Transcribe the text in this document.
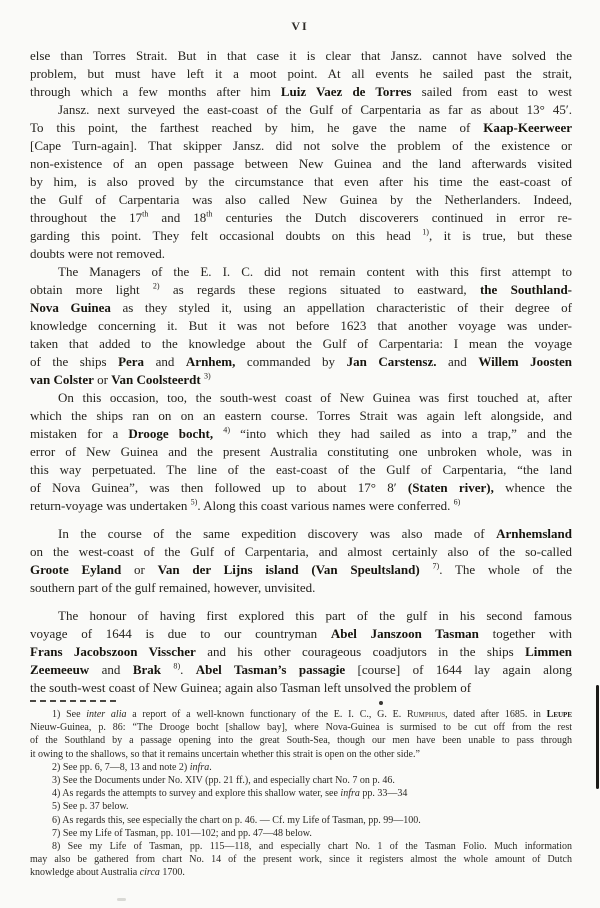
VI
else than Torres Strait. But in that case it is clear that Jansz. cannot have solved the
problem, but must have left it a moot point. At all events he sailed past the strait,
through which a few months after him Luiz Vaez de Torres sailed from east to west
Jansz. next surveyed the east-coast of the Gulf of Carpentaria as far as about 13° 45′.
To this point, the farthest reached by him, he gave the name of Kaap-Keerweer
[Cape Turn-again]. That skipper Jansz. did not solve the problem of the existence or
non-existence of an open passage between New Guinea and the land afterwards visited
by him, is also proved by the circumstance that even after his time the east-coast of
the Gulf of Carpentaria was also called New Guinea by the Netherlanders. Indeed,
throughout the 17th and 18th centuries the Dutch discoverers continued in error re-
garding this point. They felt occasional doubts on this head $^{1)}$, it is true, but these
doubts were not removed.
The Managers of the E. I. C. did not remain content with this first attempt to
obtain more light $^{2)}$ as regards these regions situated to eastward, the Southland-
Nova Guinea as they styled it, using an appellation characteristic of their degree of
knowledge concerning it. But it was not before 1623 that another voyage was under-
taken that added to the knowledge about the Gulf of Carpentaria: I mean the voyage
of the ships Pera and Arnhem, commanded by Jan Carstensz. and Willem Joosten
van Colster or Van Coolsteerdt $^{3)}$
On this occasion, too, the south-west coast of New Guinea was first touched at, after
which the ships ran on on an eastern course. Torres Strait was again left alongside, and
mistaken for a Drooge bocht, $^{4)}$ “into which they had sailed as into a trap,” and the
error of New Guinea and the present Australia constituting one unbroken whole, was in
this way perpetuated. The line of the east-coast of the Gulf of Carpentaria, “the land
of Nova Guinea”, was then followed up to about 17° 8′ (Staten river), whence the
return-voyage was undertaken $^{5)}$. Along this coast various names were conferred. $^{6)}$
In the course of the same expedition discovery was also made of Arnhemsland
on the west-coast of the Gulf of Carpentaria, and almost certainly also of the so-called
Groote Eyland or Van der Lijns island (Van Speultsland) $^{7)}$. The whole of the
southern part of the gulf remained, however, unvisited.
The honour of having first explored this part of the gulf in his second famous
voyage of 1644 is due to our countryman Abel Janszoon Tasman together with
Frans Jacobszoon Visscher and his other courageous coadjutors in the ships Limmen
Zeemeeuw and Brak $^{8)}$. Abel Tasman’s passagie [course] of 1644 lay again along
the south-west coast of New Guinea; again also Tasman left unsolved the problem of
1) See inter alia a report of a well-known functionary of the E. I. C., G. E. Rumphius, dated after 1685. in Leupe
Nieuw-Guinea, p. 86: “The Drooge bocht [shallow bay], where Nova-Guinea is surmised to be cut off from the rest
of the Southland by a passage opening into the great South-Sea, though our men have been unable to pass through
it owing to the shallows, so that it remains uncertain whether this strait is open on the other side.”
2) See pp. 6, 7—8, 13 and note 2) infra.
3) See the Documents under No. XIV (pp. 21 ff.), and especially chart No. 7 on p. 46.
4) As regards the attempts to survey and explore this shallow water, see infra pp. 33—34
5) See p. 37 below.
6) As regards this, see especially the chart on p. 46. — Cf. my Life of Tasman, pp. 99—100.
7) See my Life of Tasman, pp. 101—102; and pp. 47—48 below.
8) See my Life of Tasman, pp. 115—118, and especially chart No. 1 of the Tasman Folio. Much information
may also be gathered from chart No. 14 of the present work, since it registers almost the whole amount of Dutch
knowledge about Australia circa 1700.
